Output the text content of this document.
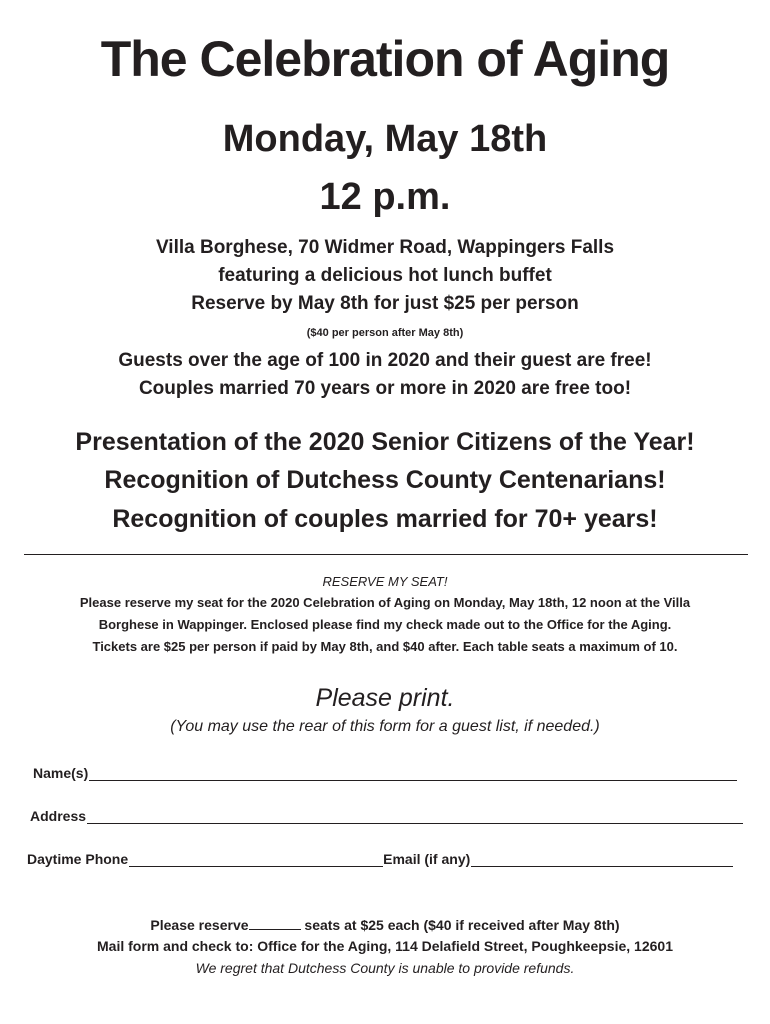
The Celebration of Aging
Monday, May 18th
12 p.m.
Villa Borghese, 70 Widmer Road, Wappingers Falls
featuring a delicious hot lunch buffet
Reserve by May 8th for just $25 per person
($40 per person after May 8th)
Guests over the age of 100 in 2020 and their guest are free!
Couples married 70 years or more in 2020 are free too!
Presentation of the 2020 Senior Citizens of the Year!
Recognition of Dutchess County Centenarians!
Recognition of couples married for 70+ years!
RESERVE MY SEAT!
Please reserve my seat for the 2020 Celebration of Aging on Monday, May 18th, 12 noon at the Villa
Borghese in Wappinger. Enclosed please find my check made out to the Office for the Aging.
Tickets are $25 per person if paid by May 8th, and $40 after. Each table seats a maximum of 10.
Please print.
(You may use the rear of this form for a guest list, if needed.)
Name(s)
Address
Daytime Phone	Email (if any)
Please reserve	seats at $25 each ($40 if received after May 8th)
Mail form and check to: Office for the Aging, 114 Delafield Street, Poughkeepsie, 12601
We regret that Dutchess County is unable to provide refunds.
